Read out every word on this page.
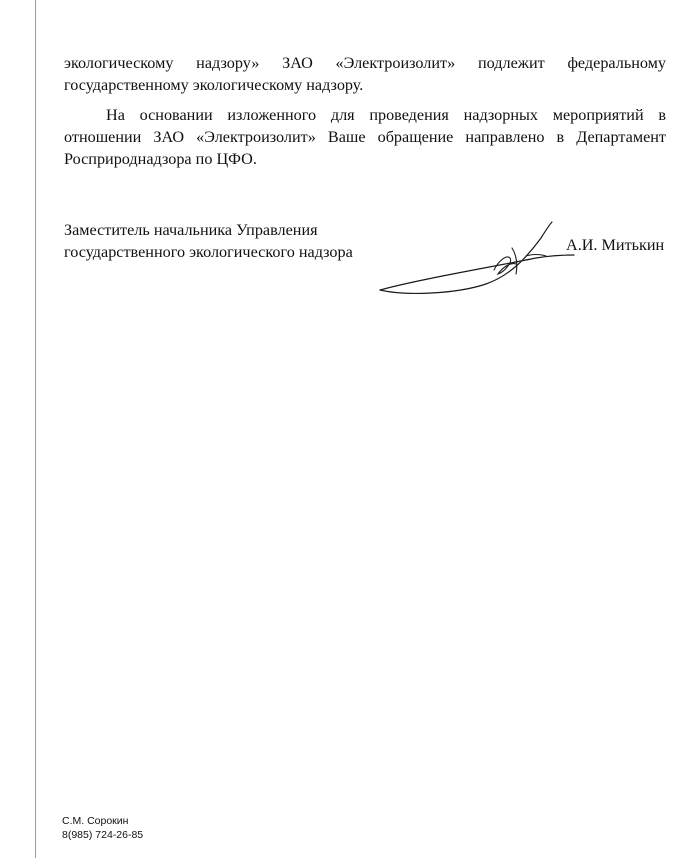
экологическому надзору» ЗАО «Электроизолит» подлежит федеральному
государственному экологическому надзору.

На основании изложенного для проведения надзорных мероприятий в
отношении ЗАО «Электроизолит» Ваше обращение направлено в Департамент
Росприроднадзора по ЦФО.

Заместитель начальника Управления
государственного экологического надзора	А.И. Митькин
С.М. Сорокин
8(985) 724-26-85
